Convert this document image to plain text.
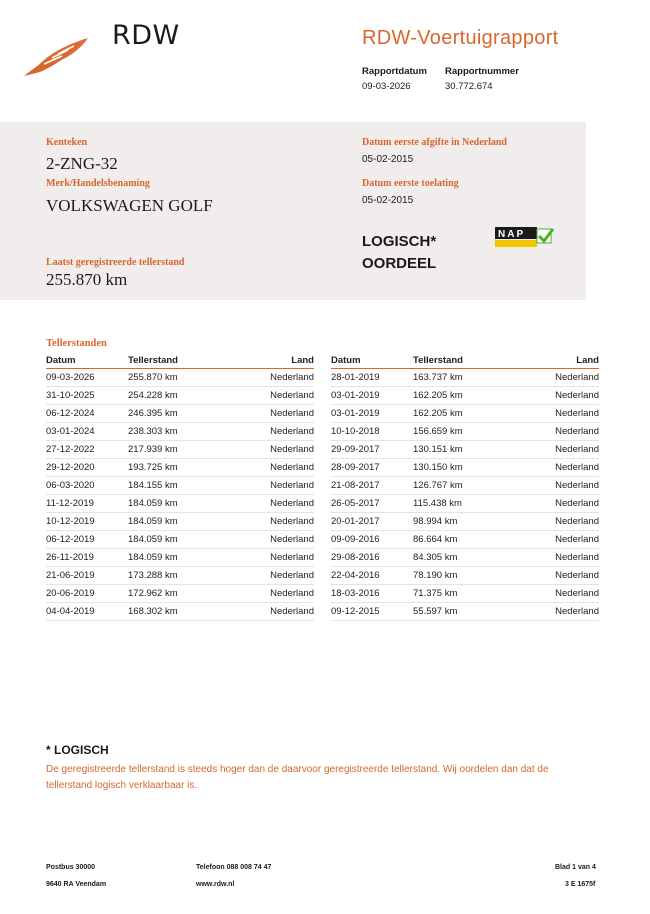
RDW	RDW-Voertuigrapport
Rapportdatum
09-03-2026
Rapportnummer
30.772.674
Kenteken
2-ZNG-32
Merk/Handelsbenaming
VOLKSWAGEN GOLF
Laatst geregistreerde tellerstand
255.870 km
Datum eerste afgifte in Nederland
05-02-2015
Datum eerste toelating
05-02-2015
LOGISCH*
OORDEEL
NAP
Tellerstanden
Datum	Tellerstand	Land
09-03-2026	255.870 km	Nederland
31-10-2025	254.228 km	Nederland
06-12-2024	246.395 km	Nederland
03-01-2024	238.303 km	Nederland
27-12-2022	217.939 km	Nederland
29-12-2020	193.725 km	Nederland
06-03-2020	184.155 km	Nederland
11-12-2019	184.059 km	Nederland
10-12-2019	184.059 km	Nederland
06-12-2019	184.059 km	Nederland
26-11-2019	184.059 km	Nederland
21-06-2019	173.288 km	Nederland
20-06-2019	172.962 km	Nederland
04-04-2019	168.302 km	Nederland
Datum	Tellerstand	Land
28-01-2019	163.737 km	Nederland
03-01-2019	162.205 km	Nederland
03-01-2019	162.205 km	Nederland
10-10-2018	156.659 km	Nederland
29-09-2017	130.151 km	Nederland
28-09-2017	130.150 km	Nederland
21-08-2017	126.767 km	Nederland
26-05-2017	115.438 km	Nederland
20-01-2017	98.994 km	Nederland
09-09-2016	86.664 km	Nederland
29-08-2016	84.305 km	Nederland
22-04-2016	78.190 km	Nederland
18-03-2016	71.375 km	Nederland
09-12-2015	55.597 km	Nederland
* LOGISCH
De geregistreerde tellerstand is steeds hoger dan de daarvoor geregistreerde tellerstand. Wij oordelen dan dat de tellerstand logisch verklaarbaar is.
Postbus 30000
9640 RA Veendam
Telefoon 088 008 74 47
www.rdw.nl
Blad 1 van 4
3 E 1675f
